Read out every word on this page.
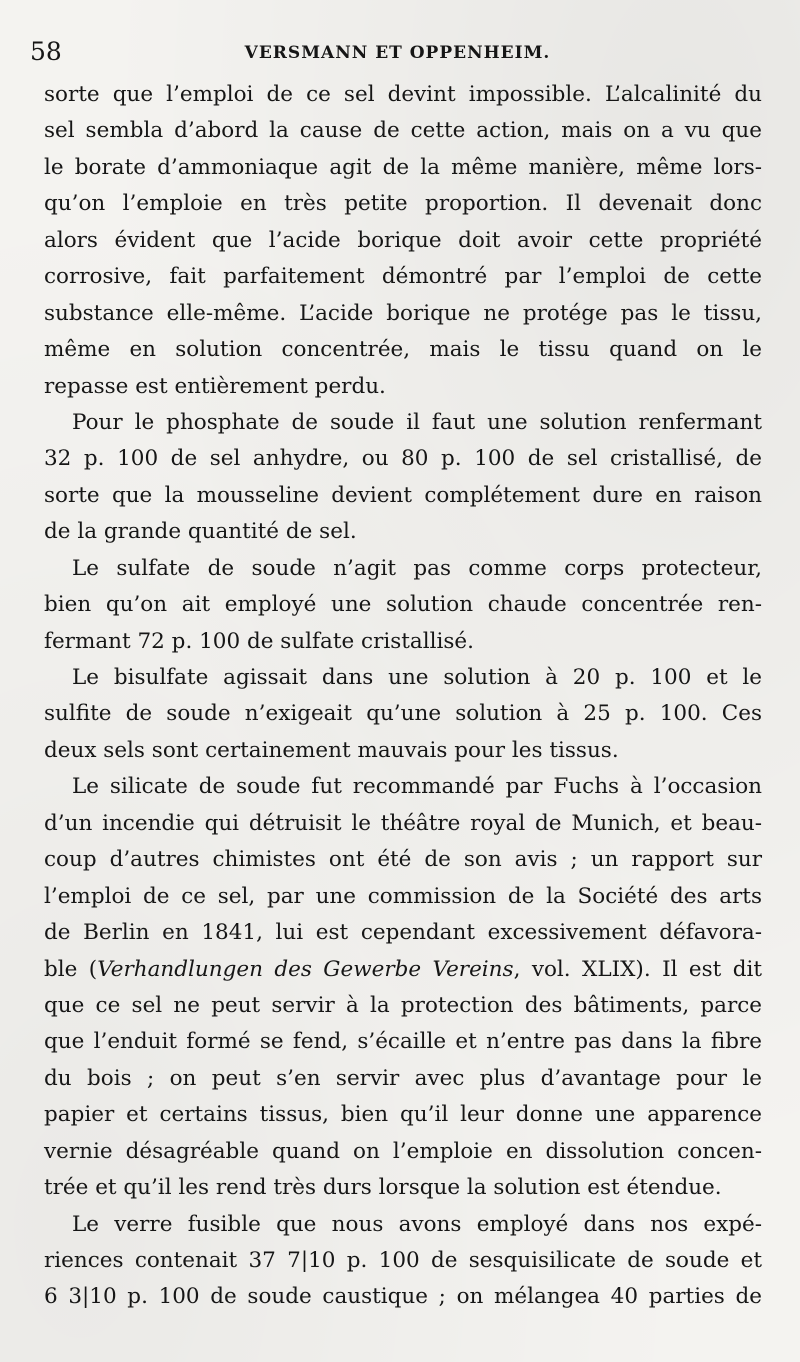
58	VERSMANN ET OPPENHEIM.
sorte que l’emploi de ce sel devint impossible. L’alcalinité du
sel sembla d’abord la cause de cette action, mais on a vu que
le borate d’ammoniaque agit de la même manière, même lors-
qu’on l’emploie en très petite proportion. Il devenait donc
alors évident que l’acide borique doit avoir cette propriété
corrosive, fait parfaitement démontré par l’emploi de cette
substance elle-même. L’acide borique ne protége pas le tissu,
même en solution concentrée, mais le tissu quand on le
repasse est entièrement perdu.
Pour le phosphate de soude il faut une solution renfermant
32 p. 100 de sel anhydre, ou 80 p. 100 de sel cristallisé, de
sorte que la mousseline devient complétement dure en raison
de la grande quantité de sel.
Le sulfate de soude n’agit pas comme corps protecteur,
bien qu’on ait employé une solution chaude concentrée ren-
fermant 72 p. 100 de sulfate cristallisé.
Le bisulfate agissait dans une solution à 20 p. 100 et le
sulfite de soude n’exigeait qu’une solution à 25 p. 100. Ces
deux sels sont certainement mauvais pour les tissus.
Le silicate de soude fut recommandé par Fuchs à l’occasion
d’un incendie qui détruisit le théâtre royal de Munich, et beau-
coup d’autres chimistes ont été de son avis ; un rapport sur
l’emploi de ce sel, par une commission de la Société des arts
de Berlin en 1841, lui est cependant excessivement défavora-
ble (Verhandlungen des Gewerbe Vereins, vol. XLIX). Il est dit
que ce sel ne peut servir à la protection des bâtiments, parce
que l’enduit formé se fend, s’écaille et n’entre pas dans la fibre
du bois ; on peut s’en servir avec plus d’avantage pour le
papier et certains tissus, bien qu’il leur donne une apparence
vernie désagréable quand on l’emploie en dissolution concen-
trée et qu’il les rend très durs lorsque la solution est étendue.
Le verre fusible que nous avons employé dans nos expé-
riences contenait 37 7|10 p. 100 de sesquisilicate de soude et
6 3|10 p. 100 de soude caustique ; on mélangea 40 parties de
